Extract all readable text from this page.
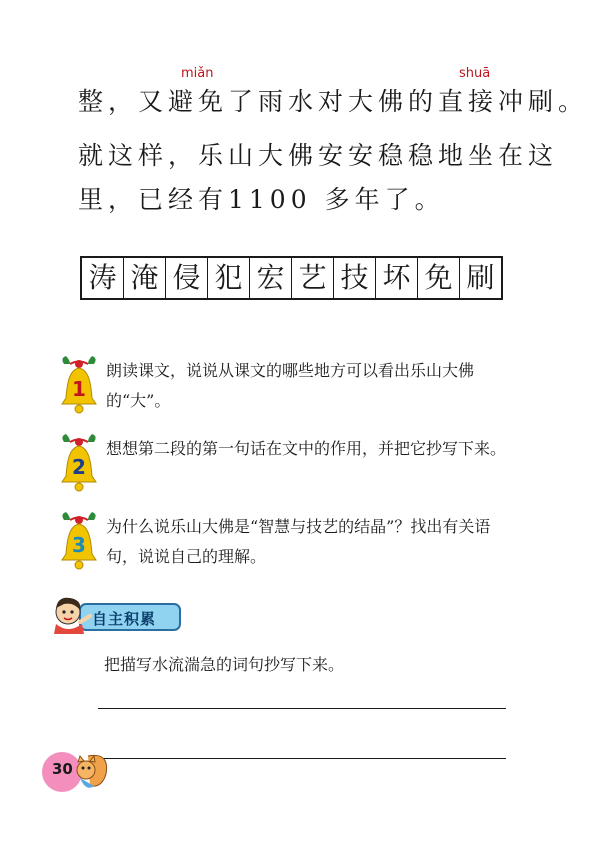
整，又避免了雨水对大佛的直接冲刷。
miǎn	shuā
就这样，乐山大佛安安稳稳地坐在这
里，已经有1100 多年了。
涛 淹 侵 犯 宏 艺 技 坏 免 刷
1
朗读课文，说说从课文的哪些地方可以看出乐山大佛的“大”。
2
想想第二段的第一句话在文中的作用，并把它抄写下来。
3
为什么说乐山大佛是“智慧与技艺的结晶”？找出有关语句，说说自己的理解。
自主积累
把描写水流湍急的词句抄写下来。
30
